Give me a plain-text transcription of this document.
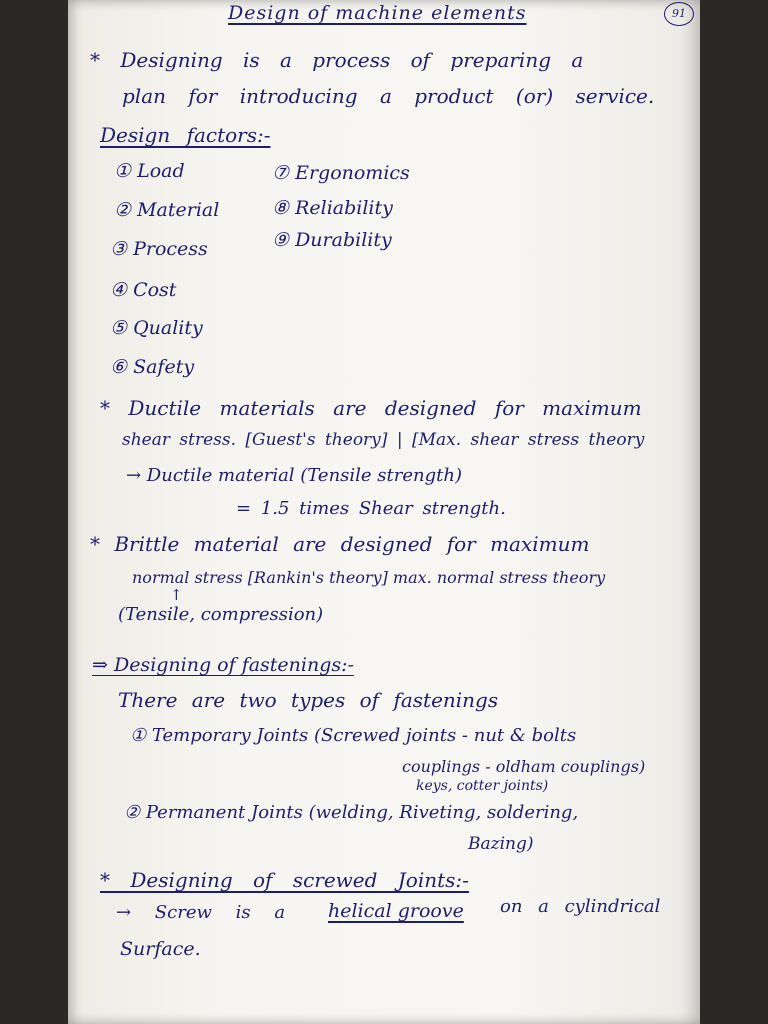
Design of machine elements	91
* Designing is a process of preparing a
plan for introducing a product (or) service.
Design factors:-
① Load
② Material
③ Process
④ Cost
⑤ Quality
⑥ Safety
⑦ Ergonomics
⑧ Reliability
⑨ Durability
* Ductile materials are designed for maximum
shear stress. [Guest's theory] | [Max. shear stress theory
→ Ductile material (Tensile strength)
= 1.5 times Shear strength.
* Brittle material are designed for maximum
normal stress [Rankin's theory] max. normal stress theory
↑
(Tensile, compression)
⇒ Designing of fastenings:-
There are two types of fastenings
① Temporary Joints (Screwed joints - nut & bolts
couplings - oldham couplings)
keys, cotter joints)
② Permanent Joints (welding, Riveting, soldering,
Bazing)
* Designing of screwed Joints:-
→ Screw is a helical groove on a cylindrical
Surface.
